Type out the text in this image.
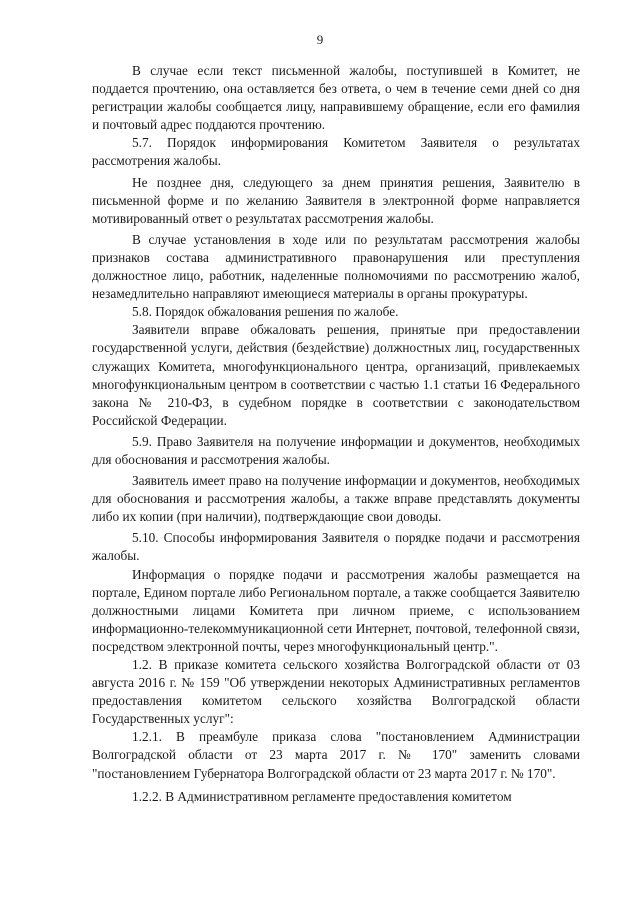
9

В случае если текст письменной жалобы, поступившей в Комитет, не поддается прочтению, она оставляется без ответа, о чем в течение семи дней со дня регистрации жалобы сообщается лицу, направившему обращение, если его фамилия и почтовый адрес поддаются прочтению.

5.7. Порядок информирования Комитетом Заявителя о результатах рассмотрения жалобы.

Не позднее дня, следующего за днем принятия решения, Заявителю в письменной форме и по желанию Заявителя в электронной форме направляется мотивированный ответ о результатах рассмотрения жалобы.

В случае установления в ходе или по результатам рассмотрения жалобы признаков состава административного правонарушения или преступления должностное лицо, работник, наделенные полномочиями по рассмотрению жалоб, незамедлительно направляют имеющиеся материалы в органы прокуратуры.

5.8. Порядок обжалования решения по жалобе.

Заявители вправе обжаловать решения, принятые при предоставлении государственной услуги, действия (бездействие) должностных лиц, государственных служащих Комитета, многофункционального центра, организаций, привлекаемых многофункциональным центром в соответствии с частью 1.1 статьи 16 Федерального закона № 210-ФЗ, в судебном порядке в соответствии с законодательством Российской Федерации.

5.9. Право Заявителя на получение информации и документов, необходимых для обоснования и рассмотрения жалобы.

Заявитель имеет право на получение информации и документов, необходимых для обоснования и рассмотрения жалобы, а также вправе представлять документы либо их копии (при наличии), подтверждающие свои доводы.

5.10. Способы информирования Заявителя о порядке подачи и рассмотрения жалобы.

Информация о порядке подачи и рассмотрения жалобы размещается на портале, Едином портале либо Региональном портале, а также сообщается Заявителю должностными лицами Комитета при личном приеме, с использованием информационно-телекоммуникационной сети Интернет, почтовой, телефонной связи, посредством электронной почты, через многофункциональный центр.".

1.2. В приказе комитета сельского хозяйства Волгоградской области от 03 августа 2016 г. № 159 "Об утверждении некоторых Административных регламентов предоставления комитетом сельского хозяйства Волгоградской области Государственных услуг":

1.2.1. В преамбуле приказа слова "постановлением Администрации Волгоградской области от 23 марта 2017 г. № 170" заменить словами "постановлением Губернатора Волгоградской области от 23 марта 2017 г. № 170".

1.2.2. В Административном регламенте предоставления комитетом
